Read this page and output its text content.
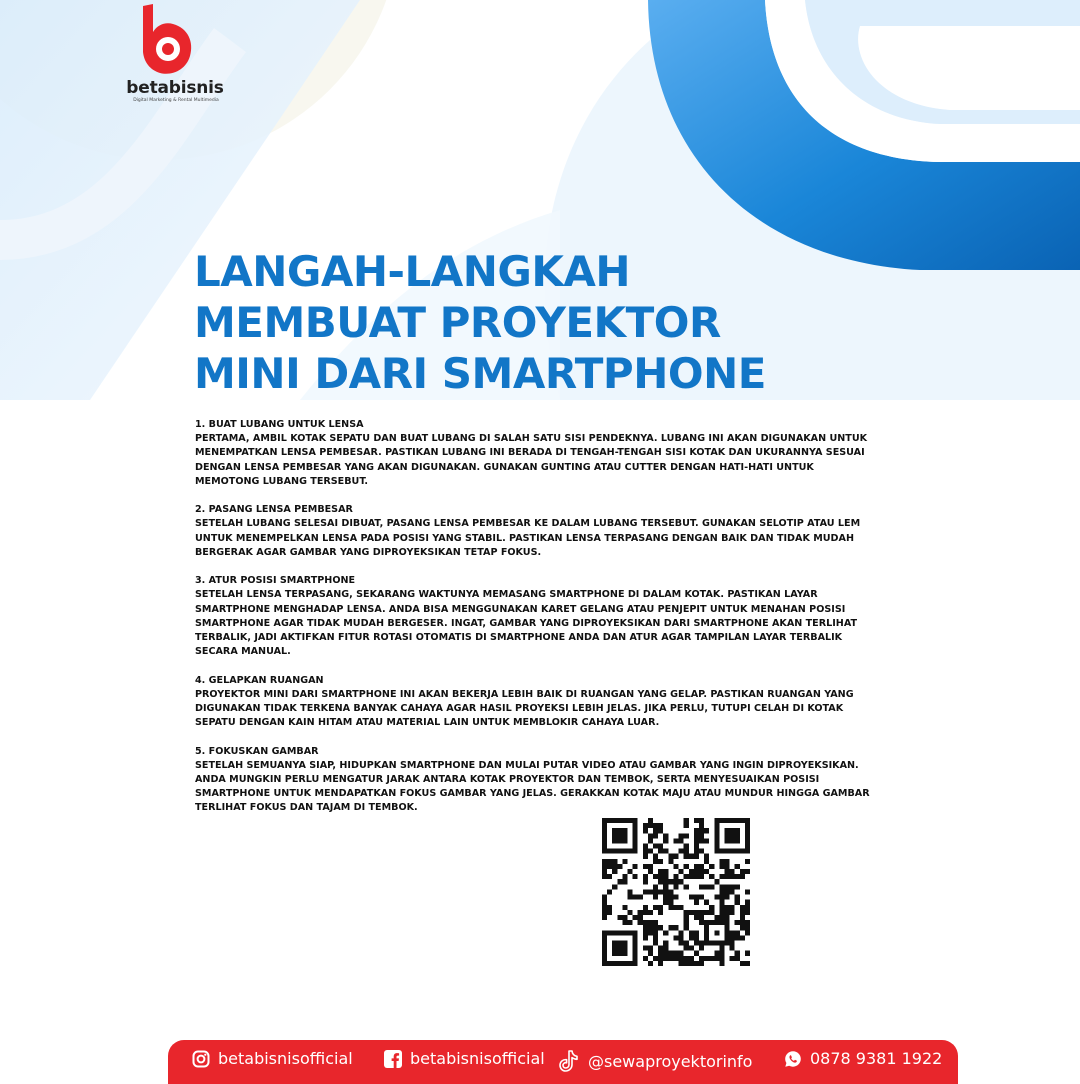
betabisnis
Digital Marketing & Rental Multimedia
LANGAH-LANGKAH
MEMBUAT PROYEKTOR
MINI DARI SMARTPHONE
1. BUAT LUBANG UNTUK LENSA
PERTAMA, AMBIL KOTAK SEPATU DAN BUAT LUBANG DI SALAH SATU SISI PENDEKNYA. LUBANG INI AKAN DIGUNAKAN UNTUK MENEMPATKAN LENSA PEMBESAR. PASTIKAN LUBANG INI BERADA DI TENGAH-TENGAH SISI KOTAK DAN UKURANNYA SESUAI DENGAN LENSA PEMBESAR YANG AKAN DIGUNAKAN. GUNAKAN GUNTING ATAU CUTTER DENGAN HATI-HATI UNTUK MEMOTONG LUBANG TERSEBUT.
2. PASANG LENSA PEMBESAR
SETELAH LUBANG SELESAI DIBUAT, PASANG LENSA PEMBESAR KE DALAM LUBANG TERSEBUT. GUNAKAN SELOTIP ATAU LEM UNTUK MENEMPELKAN LENSA PADA POSISI YANG STABIL. PASTIKAN LENSA TERPASANG DENGAN BAIK DAN TIDAK MUDAH BERGERAK AGAR GAMBAR YANG DIPROYEKSIKAN TETAP FOKUS.
3. ATUR POSISI SMARTPHONE
SETELAH LENSA TERPASANG, SEKARANG WAKTUNYA MEMASANG SMARTPHONE DI DALAM KOTAK. PASTIKAN LAYAR SMARTPHONE MENGHADAP LENSA. ANDA BISA MENGGUNAKAN KARET GELANG ATAU PENJEPIT UNTUK MENAHAN POSISI SMARTPHONE AGAR TIDAK MUDAH BERGESER. INGAT, GAMBAR YANG DIPROYEKSIKAN DARI SMARTPHONE AKAN TERLIHAT TERBALIK, JADI AKTIFKAN FITUR ROTASI OTOMATIS DI SMARTPHONE ANDA DAN ATUR AGAR TAMPILAN LAYAR TERBALIK SECARA MANUAL.
4. GELAPKAN RUANGAN
PROYEKTOR MINI DARI SMARTPHONE INI AKAN BEKERJA LEBIH BAIK DI RUANGAN YANG GELAP. PASTIKAN RUANGAN YANG DIGUNAKAN TIDAK TERKENA BANYAK CAHAYA AGAR HASIL PROYEKSI LEBIH JELAS. JIKA PERLU, TUTUPI CELAH DI KOTAK SEPATU DENGAN KAIN HITAM ATAU MATERIAL LAIN UNTUK MEMBLOKIR CAHAYA LUAR.
5. FOKUSKAN GAMBAR
SETELAH SEMUANYA SIAP, HIDUPKAN SMARTPHONE DAN MULAI PUTAR VIDEO ATAU GAMBAR YANG INGIN DIPROYEKSIKAN. ANDA MUNGKIN PERLU MENGATUR JARAK ANTARA KOTAK PROYEKTOR DAN TEMBOK, SERTA MENYESUAIKAN POSISI SMARTPHONE UNTUK MENDAPATKAN FOKUS GAMBAR YANG JELAS. GERAKKAN KOTAK MAJU ATAU MUNDUR HINGGA GAMBAR TERLIHAT FOKUS DAN TAJAM DI TEMBOK.
betabisnisofficial	betabisnisofficial	@sewaproyektorinfo	0878 9381 1922
